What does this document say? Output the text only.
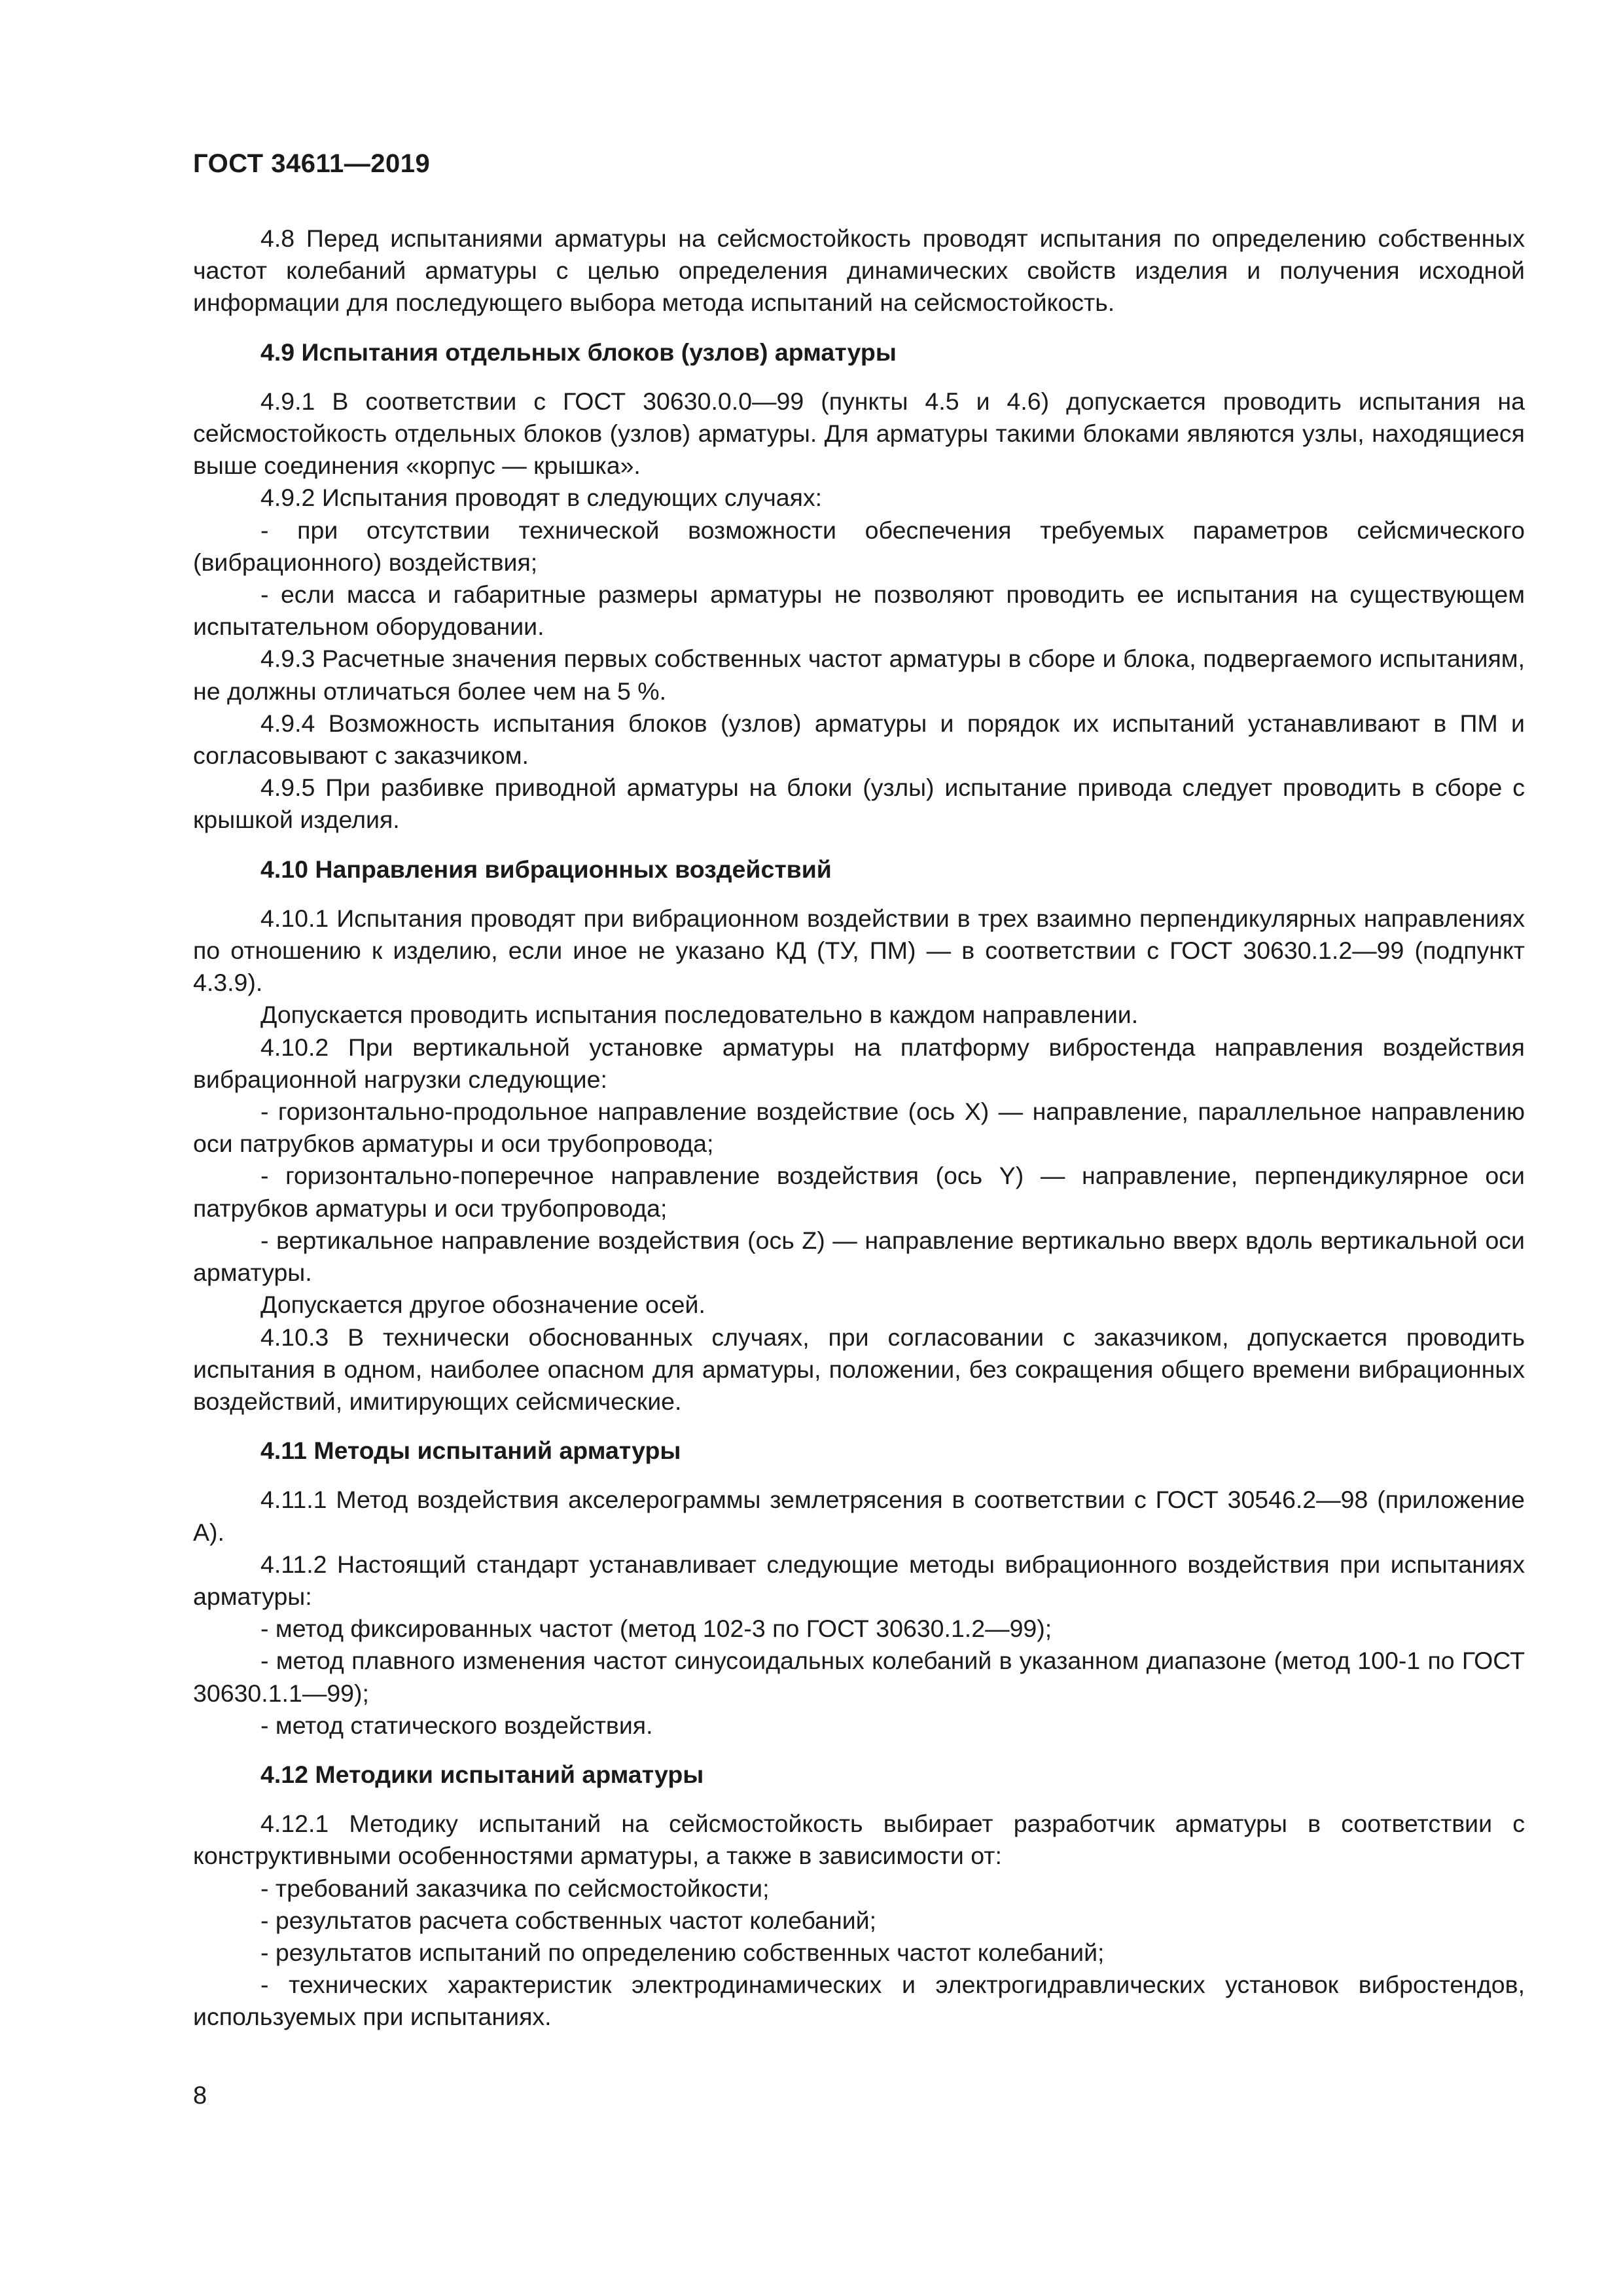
ГОСТ 34611—2019

4.8 Перед испытаниями арматуры на сейсмостойкость проводят испытания по определению собственных частот колебаний арматуры с целью определения динамических свойств изделия и получения исходной информации для последующего выбора метода испытаний на сейсмостойкость.

4.9 Испытания отдельных блоков (узлов) арматуры

4.9.1 В соответствии с ГОСТ 30630.0.0—99 (пункты 4.5 и 4.6) допускается проводить испытания на сейсмостойкость отдельных блоков (узлов) арматуры. Для арматуры такими блоками являются узлы, находящиеся выше соединения «корпус — крышка».

4.9.2 Испытания проводят в следующих случаях:

- при отсутствии технической возможности обеспечения требуемых параметров сейсмического (вибрационного) воздействия;

- если масса и габаритные размеры арматуры не позволяют проводить ее испытания на существующем испытательном оборудовании.

4.9.3 Расчетные значения первых собственных частот арматуры в сборе и блока, подвергаемого испытаниям, не должны отличаться более чем на 5 %.

4.9.4 Возможность испытания блоков (узлов) арматуры и порядок их испытаний устанавливают в ПМ и согласовывают с заказчиком.

4.9.5 При разбивке приводной арматуры на блоки (узлы) испытание привода следует проводить в сборе с крышкой изделия.

4.10 Направления вибрационных воздействий

4.10.1 Испытания проводят при вибрационном воздействии в трех взаимно перпендикулярных направлениях по отношению к изделию, если иное не указано КД (ТУ, ПМ) — в соответствии с ГОСТ 30630.1.2—99 (подпункт 4.3.9).

Допускается проводить испытания последовательно в каждом направлении.

4.10.2 При вертикальной установке арматуры на платформу вибростенда направления воздействия вибрационной нагрузки следующие:

- горизонтально-продольное направление воздействие (ось X) — направление, параллельное направлению оси патрубков арматуры и оси трубопровода;

- горизонтально-поперечное направление воздействия (ось Y) — направление, перпендикулярное оси патрубков арматуры и оси трубопровода;

- вертикальное направление воздействия (ось Z) — направление вертикально вверх вдоль вертикальной оси арматуры.

Допускается другое обозначение осей.

4.10.3 В технически обоснованных случаях, при согласовании с заказчиком, допускается проводить испытания в одном, наиболее опасном для арматуры, положении, без сокращения общего времени вибрационных воздействий, имитирующих сейсмические.

4.11 Методы испытаний арматуры

4.11.1 Метод воздействия акселерограммы землетрясения в соответствии с ГОСТ 30546.2—98 (приложение А).

4.11.2 Настоящий стандарт устанавливает следующие методы вибрационного воздействия при испытаниях арматуры:

- метод фиксированных частот (метод 102-3 по ГОСТ 30630.1.2—99);

- метод плавного изменения частот синусоидальных колебаний в указанном диапазоне (метод 100-1 по ГОСТ 30630.1.1—99);

- метод статического воздействия.

4.12 Методики испытаний арматуры

4.12.1 Методику испытаний на сейсмостойкость выбирает разработчик арматуры в соответствии с конструктивными особенностями арматуры, а также в зависимости от:

- требований заказчика по сейсмостойкости;

- результатов расчета собственных частот колебаний;

- результатов испытаний по определению собственных частот колебаний;

- технических характеристик электродинамических и электрогидравлических установок вибростендов, используемых при испытаниях.

8
